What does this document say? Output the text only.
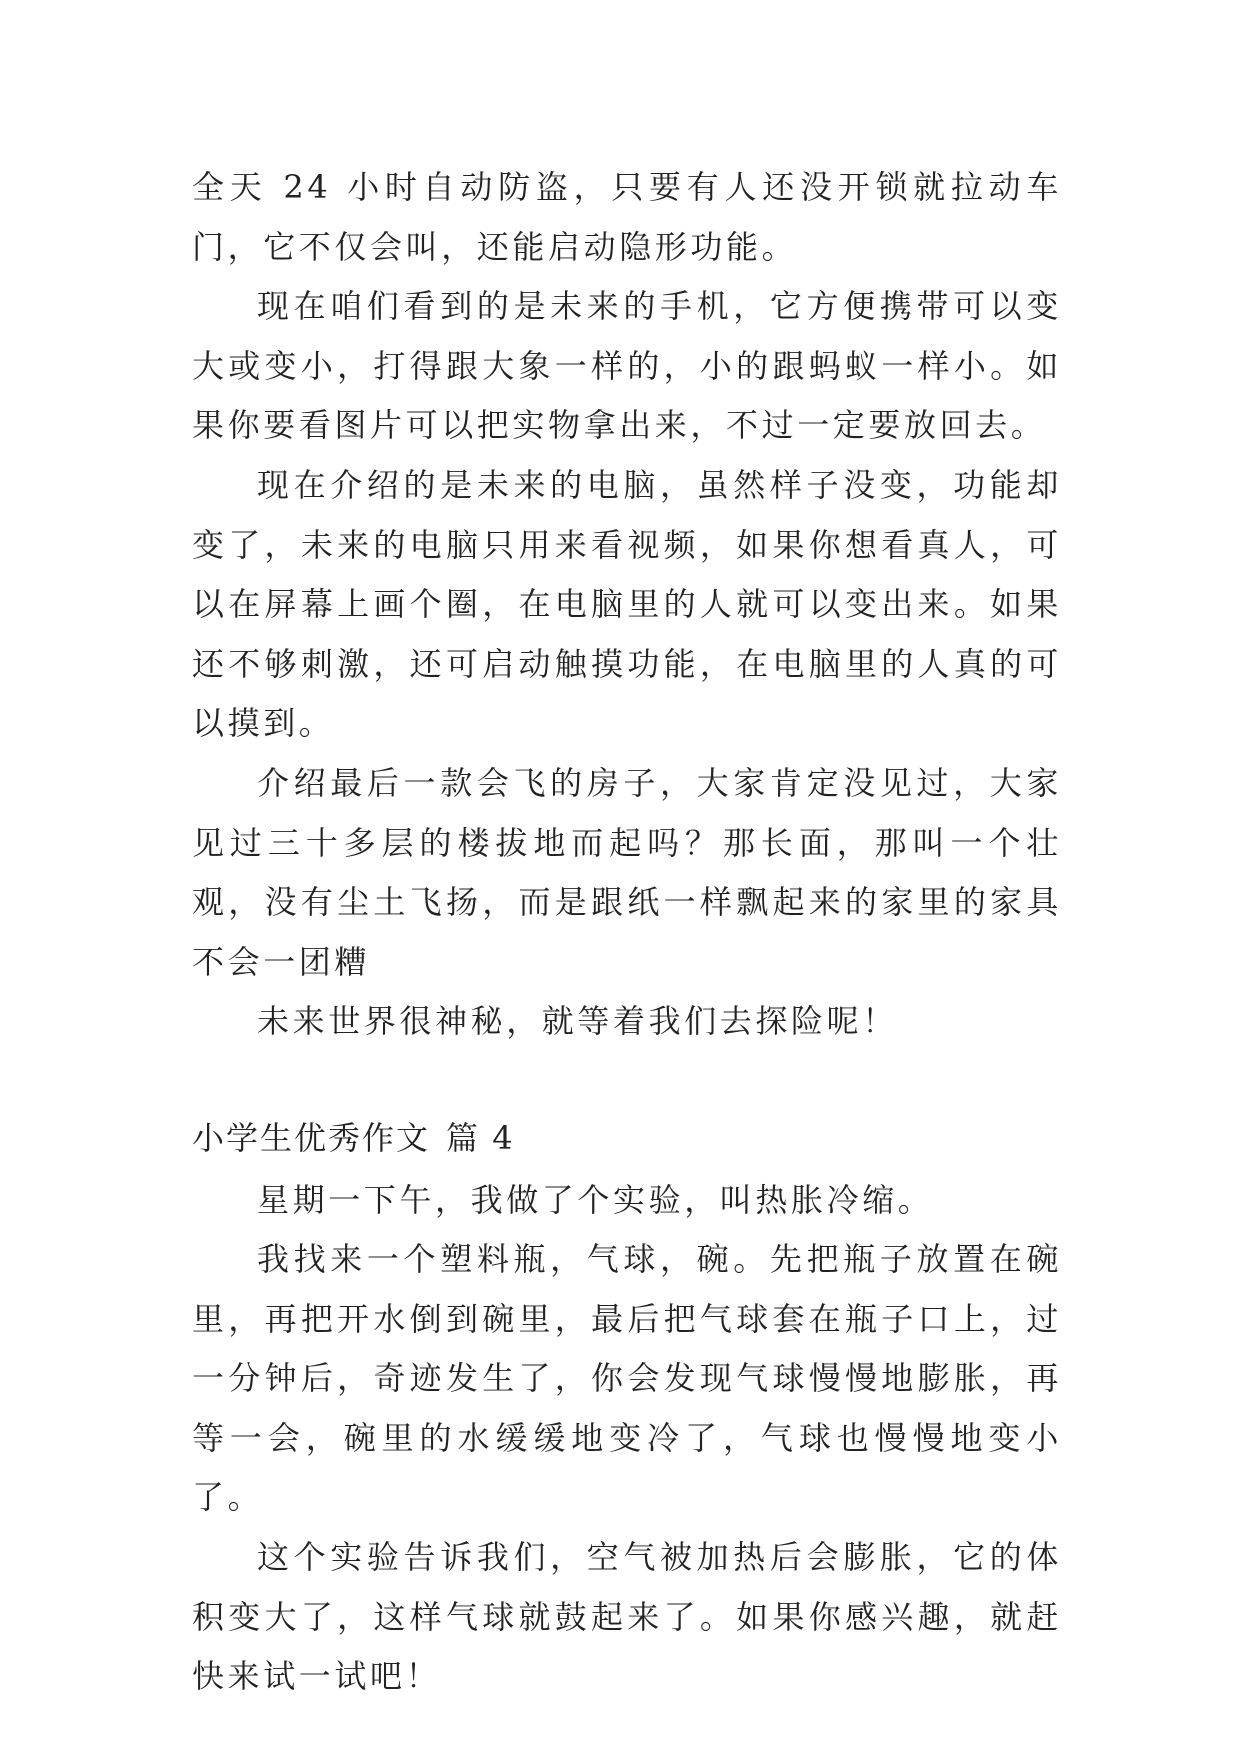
全天 24 小时自动防盗，只要有人还没开锁就拉动车门，它不仅会叫，还能启动隐形功能。

现在咱们看到的是未来的手机，它方便携带可以变大或变小，打得跟大象一样的，小的跟蚂蚁一样小。如果你要看图片可以把实物拿出来，不过一定要放回去。

现在介绍的是未来的电脑，虽然样子没变，功能却变了，未来的电脑只用来看视频，如果你想看真人，可以在屏幕上画个圈，在电脑里的人就可以变出来。如果还不够刺激，还可启动触摸功能，在电脑里的人真的可以摸到。

介绍最后一款会飞的房子，大家肯定没见过，大家见过三十多层的楼拔地而起吗？那长面，那叫一个壮观，没有尘土飞扬，而是跟纸一样飘起来的家里的家具不会一团糟

未来世界很神秘，就等着我们去探险呢！

小学生优秀作文 篇 4

星期一下午，我做了个实验，叫热胀冷缩。

我找来一个塑料瓶，气球，碗。先把瓶子放置在碗里，再把开水倒到碗里，最后把气球套在瓶子口上，过一分钟后，奇迹发生了，你会发现气球慢慢地膨胀，再等一会，碗里的水缓缓地变冷了，气球也慢慢地变小了。

这个实验告诉我们，空气被加热后会膨胀，它的体积变大了，这样气球就鼓起来了。如果你感兴趣，就赶快来试一试吧！
